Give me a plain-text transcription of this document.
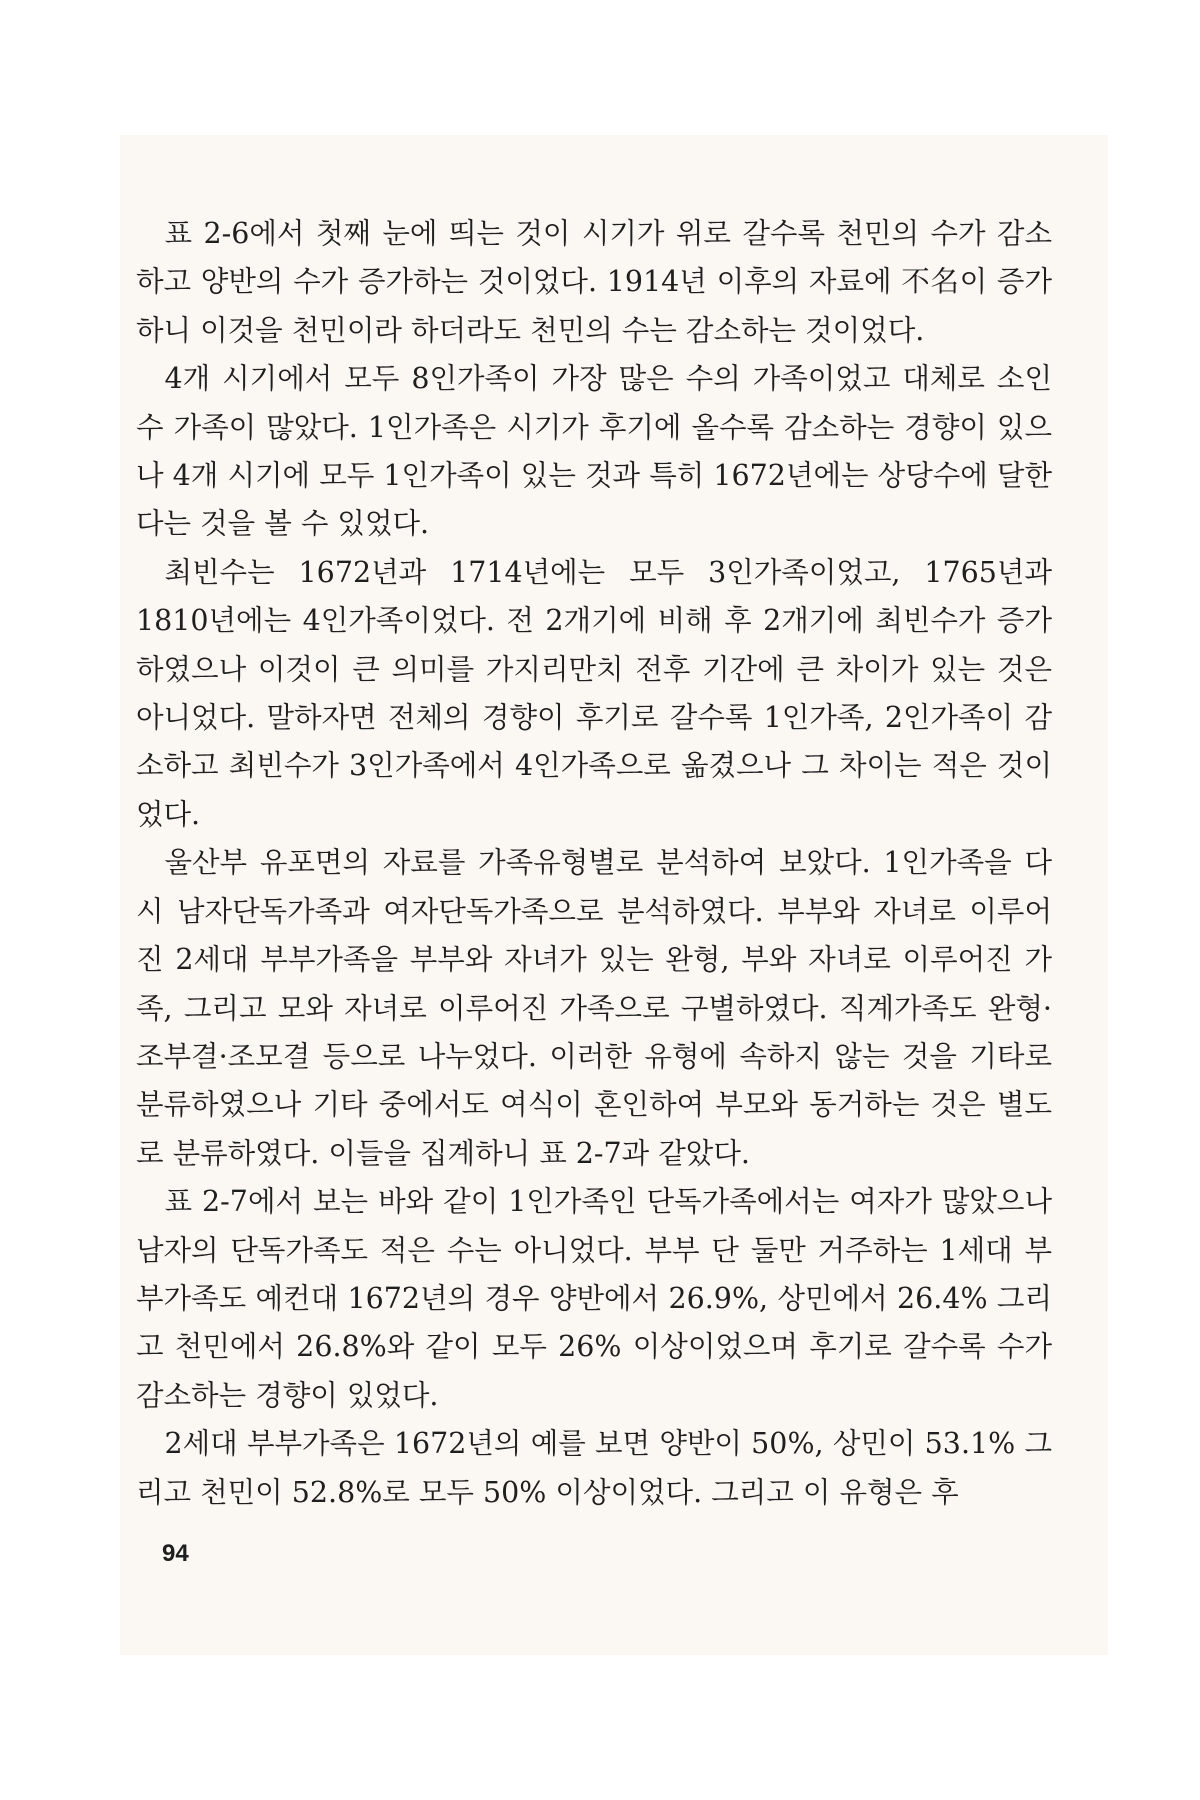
표 2-6에서 첫째 눈에 띄는 것이 시기가 위로 갈수록 천민의 수가 감소하고 양반의 수가 증가하는 것이었다. 1914년 이후의 자료에 不名이 증가하니 이것을 천민이라 하더라도 천민의 수는 감소하는 것이었다.

4개 시기에서 모두 8인가족이 가장 많은 수의 가족이었고 대체로 소인수 가족이 많았다. 1인가족은 시기가 후기에 올수록 감소하는 경향이 있으나 4개 시기에 모두 1인가족이 있는 것과 특히 1672년에는 상당수에 달한다는 것을 볼 수 있었다.

최빈수는 1672년과 1714년에는 모두 3인가족이었고, 1765년과 1810년에는 4인가족이었다. 전 2개기에 비해 후 2개기에 최빈수가 증가하였으나 이것이 큰 의미를 가지리만치 전후 기간에 큰 차이가 있는 것은 아니었다. 말하자면 전체의 경향이 후기로 갈수록 1인가족, 2인가족이 감소하고 최빈수가 3인가족에서 4인가족으로 옮겼으나 그 차이는 적은 것이었다.

울산부 유포면의 자료를 가족유형별로 분석하여 보았다. 1인가족을 다시 남자단독가족과 여자단독가족으로 분석하였다. 부부와 자녀로 이루어진 2세대 부부가족을 부부와 자녀가 있는 완형, 부와 자녀로 이루어진 가족, 그리고 모와 자녀로 이루어진 가족으로 구별하였다. 직계가족도 완형·조부결·조모결 등으로 나누었다. 이러한 유형에 속하지 않는 것을 기타로 분류하였으나 기타 중에서도 여식이 혼인하여 부모와 동거하는 것은 별도로 분류하였다. 이들을 집계하니 표 2-7과 같았다.

표 2-7에서 보는 바와 같이 1인가족인 단독가족에서는 여자가 많았으나 남자의 단독가족도 적은 수는 아니었다. 부부 단 둘만 거주하는 1세대 부부가족도 예컨대 1672년의 경우 양반에서 26.9%, 상민에서 26.4% 그리고 천민에서 26.8%와 같이 모두 26% 이상이었으며 후기로 갈수록 수가 감소하는 경향이 있었다.

2세대 부부가족은 1672년의 예를 보면 양반이 50%, 상민이 53.1% 그리고 천민이 52.8%로 모두 50% 이상이었다. 그리고 이 유형은 후

94
